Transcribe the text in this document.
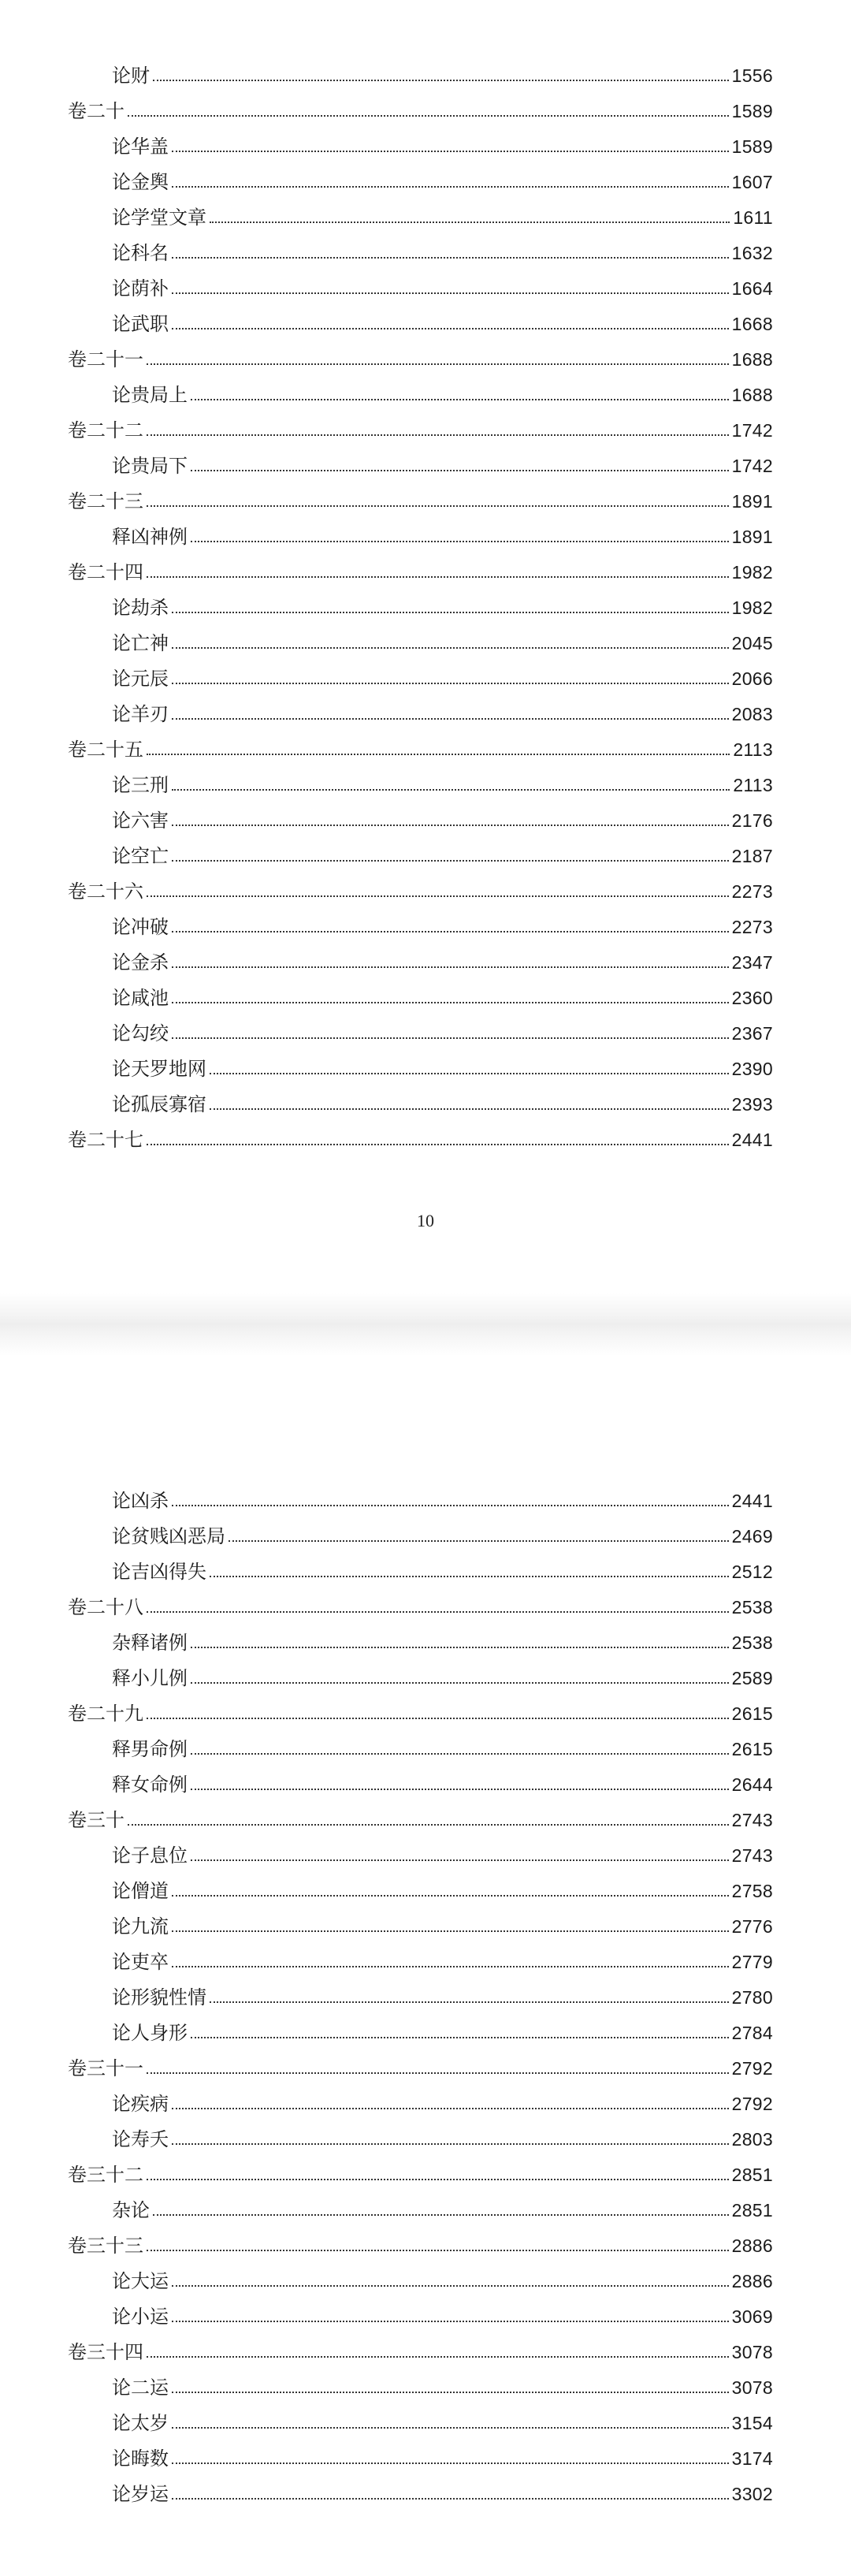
论财	1556
卷二十	1589
论华盖	1589
论金舆	1607
论学堂文章	1611
论科名	1632
论荫补	1664
论武职	1668
卷二十一	1688
论贵局上	1688
卷二十二	1742
论贵局下	1742
卷二十三	1891
释凶神例	1891
卷二十四	1982
论劫杀	1982
论亡神	2045
论元辰	2066
论羊刃	2083
卷二十五	2113
论三刑	2113
论六害	2176
论空亡	2187
卷二十六	2273
论冲破	2273
论金杀	2347
论咸池	2360
论勾绞	2367
论天罗地网	2390
论孤辰寡宿	2393
卷二十七	2441
10
论凶杀	2441
论贫贱凶恶局	2469
论吉凶得失	2512
卷二十八	2538
杂释诸例	2538
释小儿例	2589
卷二十九	2615
释男命例	2615
释女命例	2644
卷三十	2743
论子息位	2743
论僧道	2758
论九流	2776
论吏卒	2779
论形貌性情	2780
论人身形	2784
卷三十一	2792
论疾病	2792
论寿夭	2803
卷三十二	2851
杂论	2851
卷三十三	2886
论大运	2886
论小运	3069
卷三十四	3078
论二运	3078
论太岁	3154
论晦数	3174
论岁运	3302
